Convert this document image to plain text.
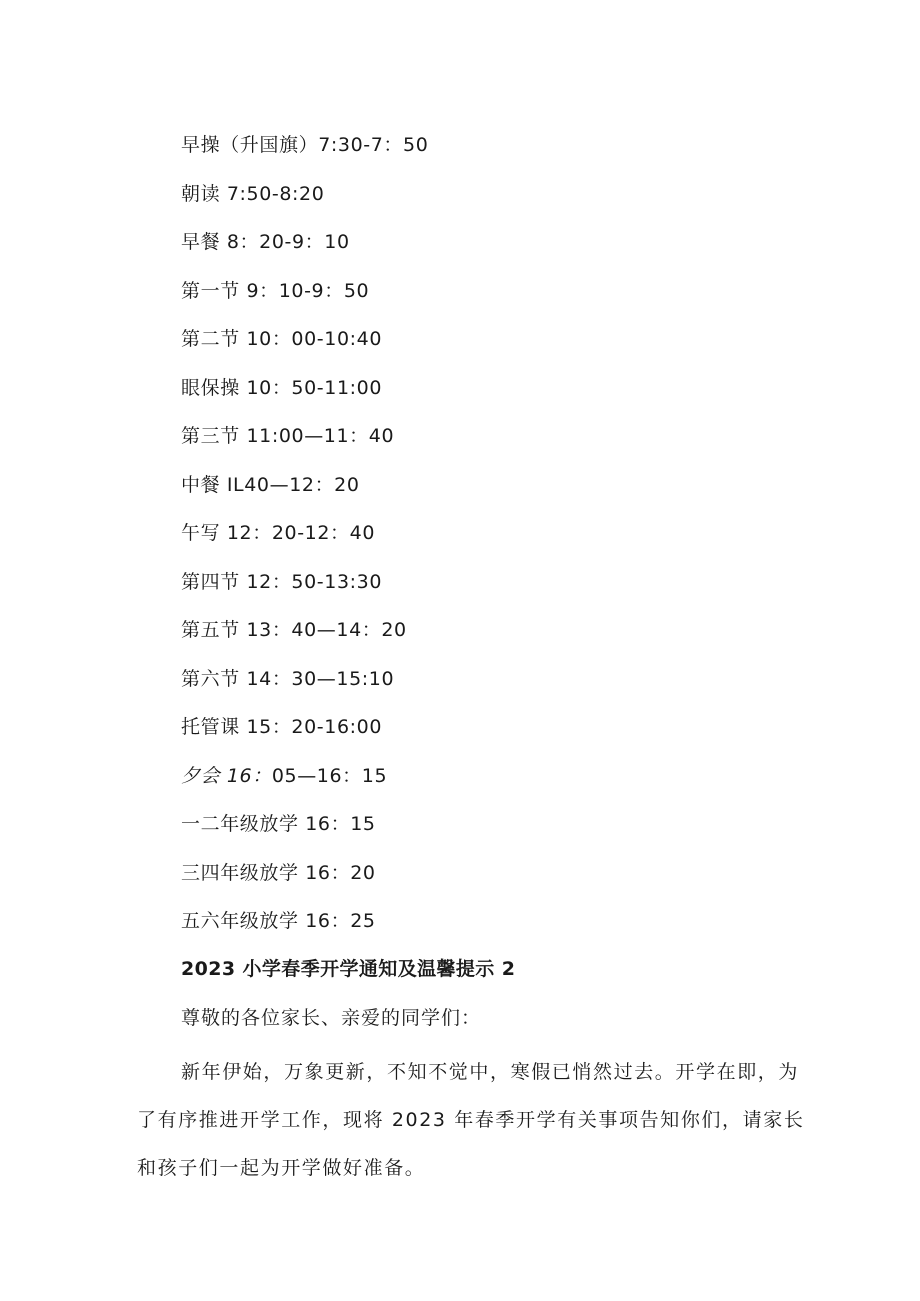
早操（升国旗）7:30-7：50
朝读 7:50-8:20
早餐 8：20-9：10
第一节 9：10-9：50
第二节 10：00-10:40
眼保操 10：50-11:00
第三节 11:00—11：40
中餐 IL40—12：20
午写 12：20-12：40
第四节 12：50-13:30
第五节 13：40—14：20
第六节 14：30—15:10
托管课 15：20-16:00
夕会 16：05—16：15
一二年级放学 16：15
三四年级放学 16：20
五六年级放学 16：25
2023 小学春季开学通知及温馨提示 2
尊敬的各位家长、亲爱的同学们：

新年伊始，万象更新，不知不觉中，寒假已悄然过去。开学在即，为
了有序推进开学工作，现将 2023 年春季开学有关事项告知你们，请家长
和孩子们一起为开学做好准备。
